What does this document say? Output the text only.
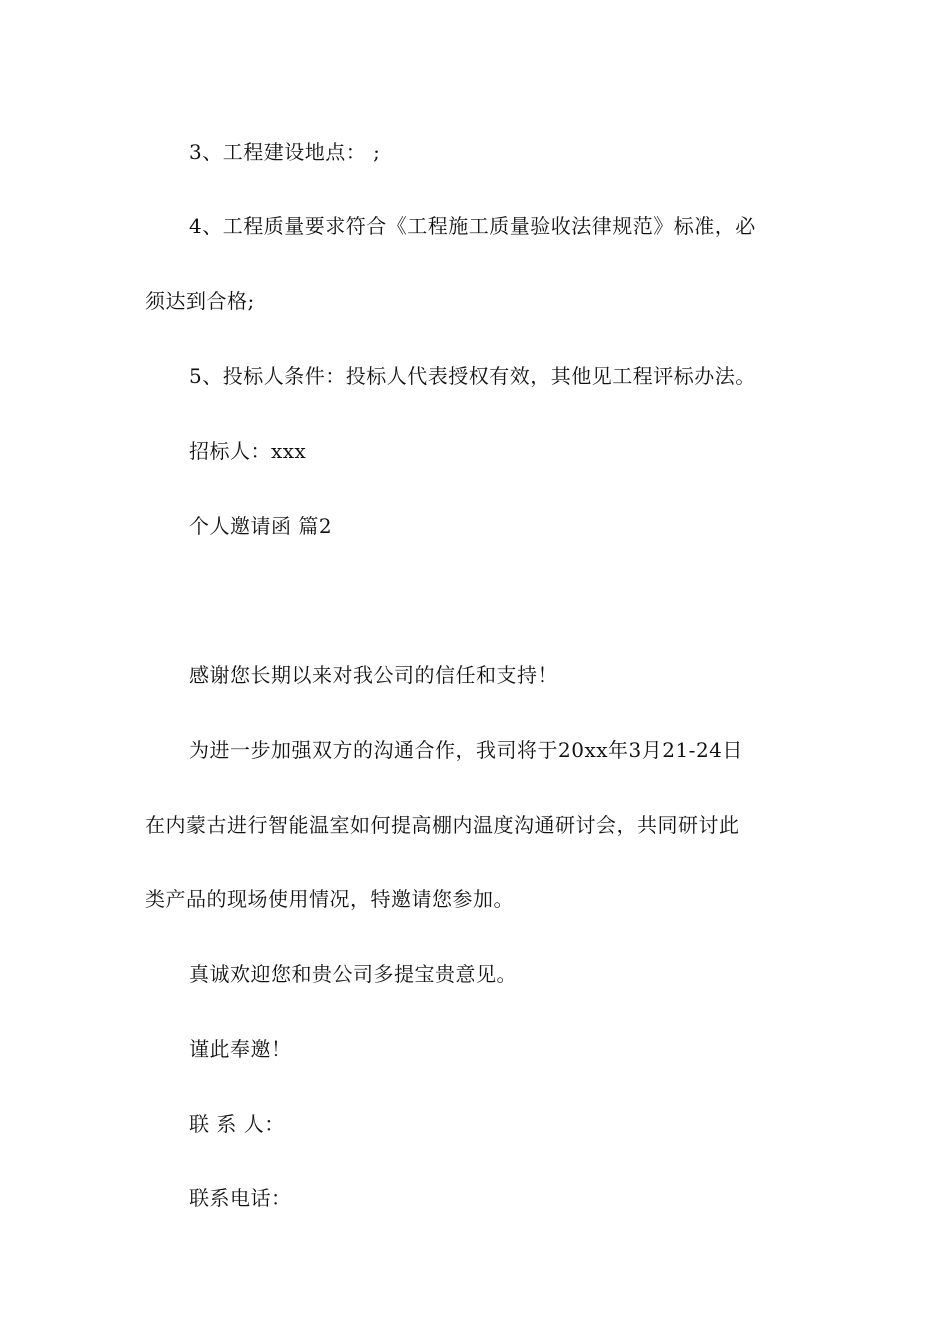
3、工程建设地点： ;
4、工程质量要求符合《工程施工质量验收法律规范》标准，必
须达到合格;
5、投标人条件：投标人代表授权有效，其他见工程评标办法。
招标人：xxx
个人邀请函 篇2
感谢您长期以来对我公司的信任和支持！
为进一步加强双方的沟通合作，我司将于20xx年3月21-24日
在内蒙古进行智能温室如何提高棚内温度沟通研讨会，共同研讨此
类产品的现场使用情况，特邀请您参加。
真诚欢迎您和贵公司多提宝贵意见。
谨此奉邀！
联 系 人：
联系电话：
